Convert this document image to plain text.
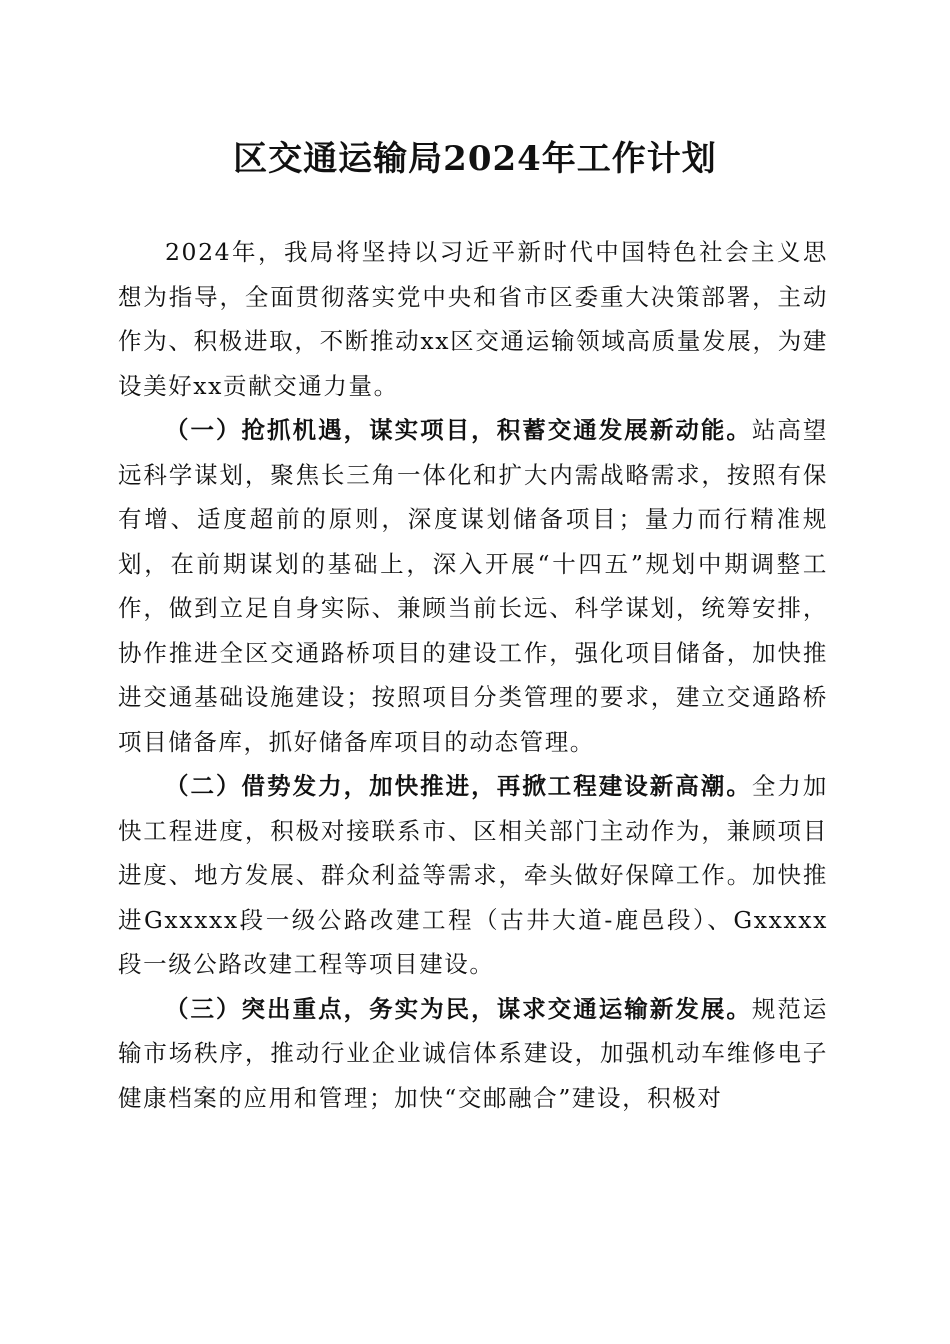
区交通运输局2024年工作计划

2024年，我局将坚持以习近平新时代中国特色社会主义思想为指导，全面贯彻落实党中央和省市区委重大决策部署，主动作为、积极进取，不断推动xx区交通运输领域高质量发展，为建设美好xx贡献交通力量。

（一）抢抓机遇，谋实项目，积蓄交通发展新动能。站高望远科学谋划，聚焦长三角一体化和扩大内需战略需求，按照有保有增、适度超前的原则，深度谋划储备项目；量力而行精准规划，在前期谋划的基础上，深入开展“十四五”规划中期调整工作，做到立足自身实际、兼顾当前长远、科学谋划，统筹安排，协作推进全区交通路桥项目的建设工作，强化项目储备，加快推进交通基础设施建设；按照项目分类管理的要求，建立交通路桥项目储备库，抓好储备库项目的动态管理。

（二）借势发力，加快推进，再掀工程建设新高潮。全力加快工程进度，积极对接联系市、区相关部门主动作为，兼顾项目进度、地方发展、群众利益等需求，牵头做好保障工作。加快推进Gxxxxx段一级公路改建工程（古井大道-鹿邑段）、Gxxxxx段一级公路改建工程等项目建设。

（三）突出重点，务实为民，谋求交通运输新发展。规范运输市场秩序，推动行业企业诚信体系建设，加强机动车维修电子健康档案的应用和管理；加快“交邮融合”建设，积极对
